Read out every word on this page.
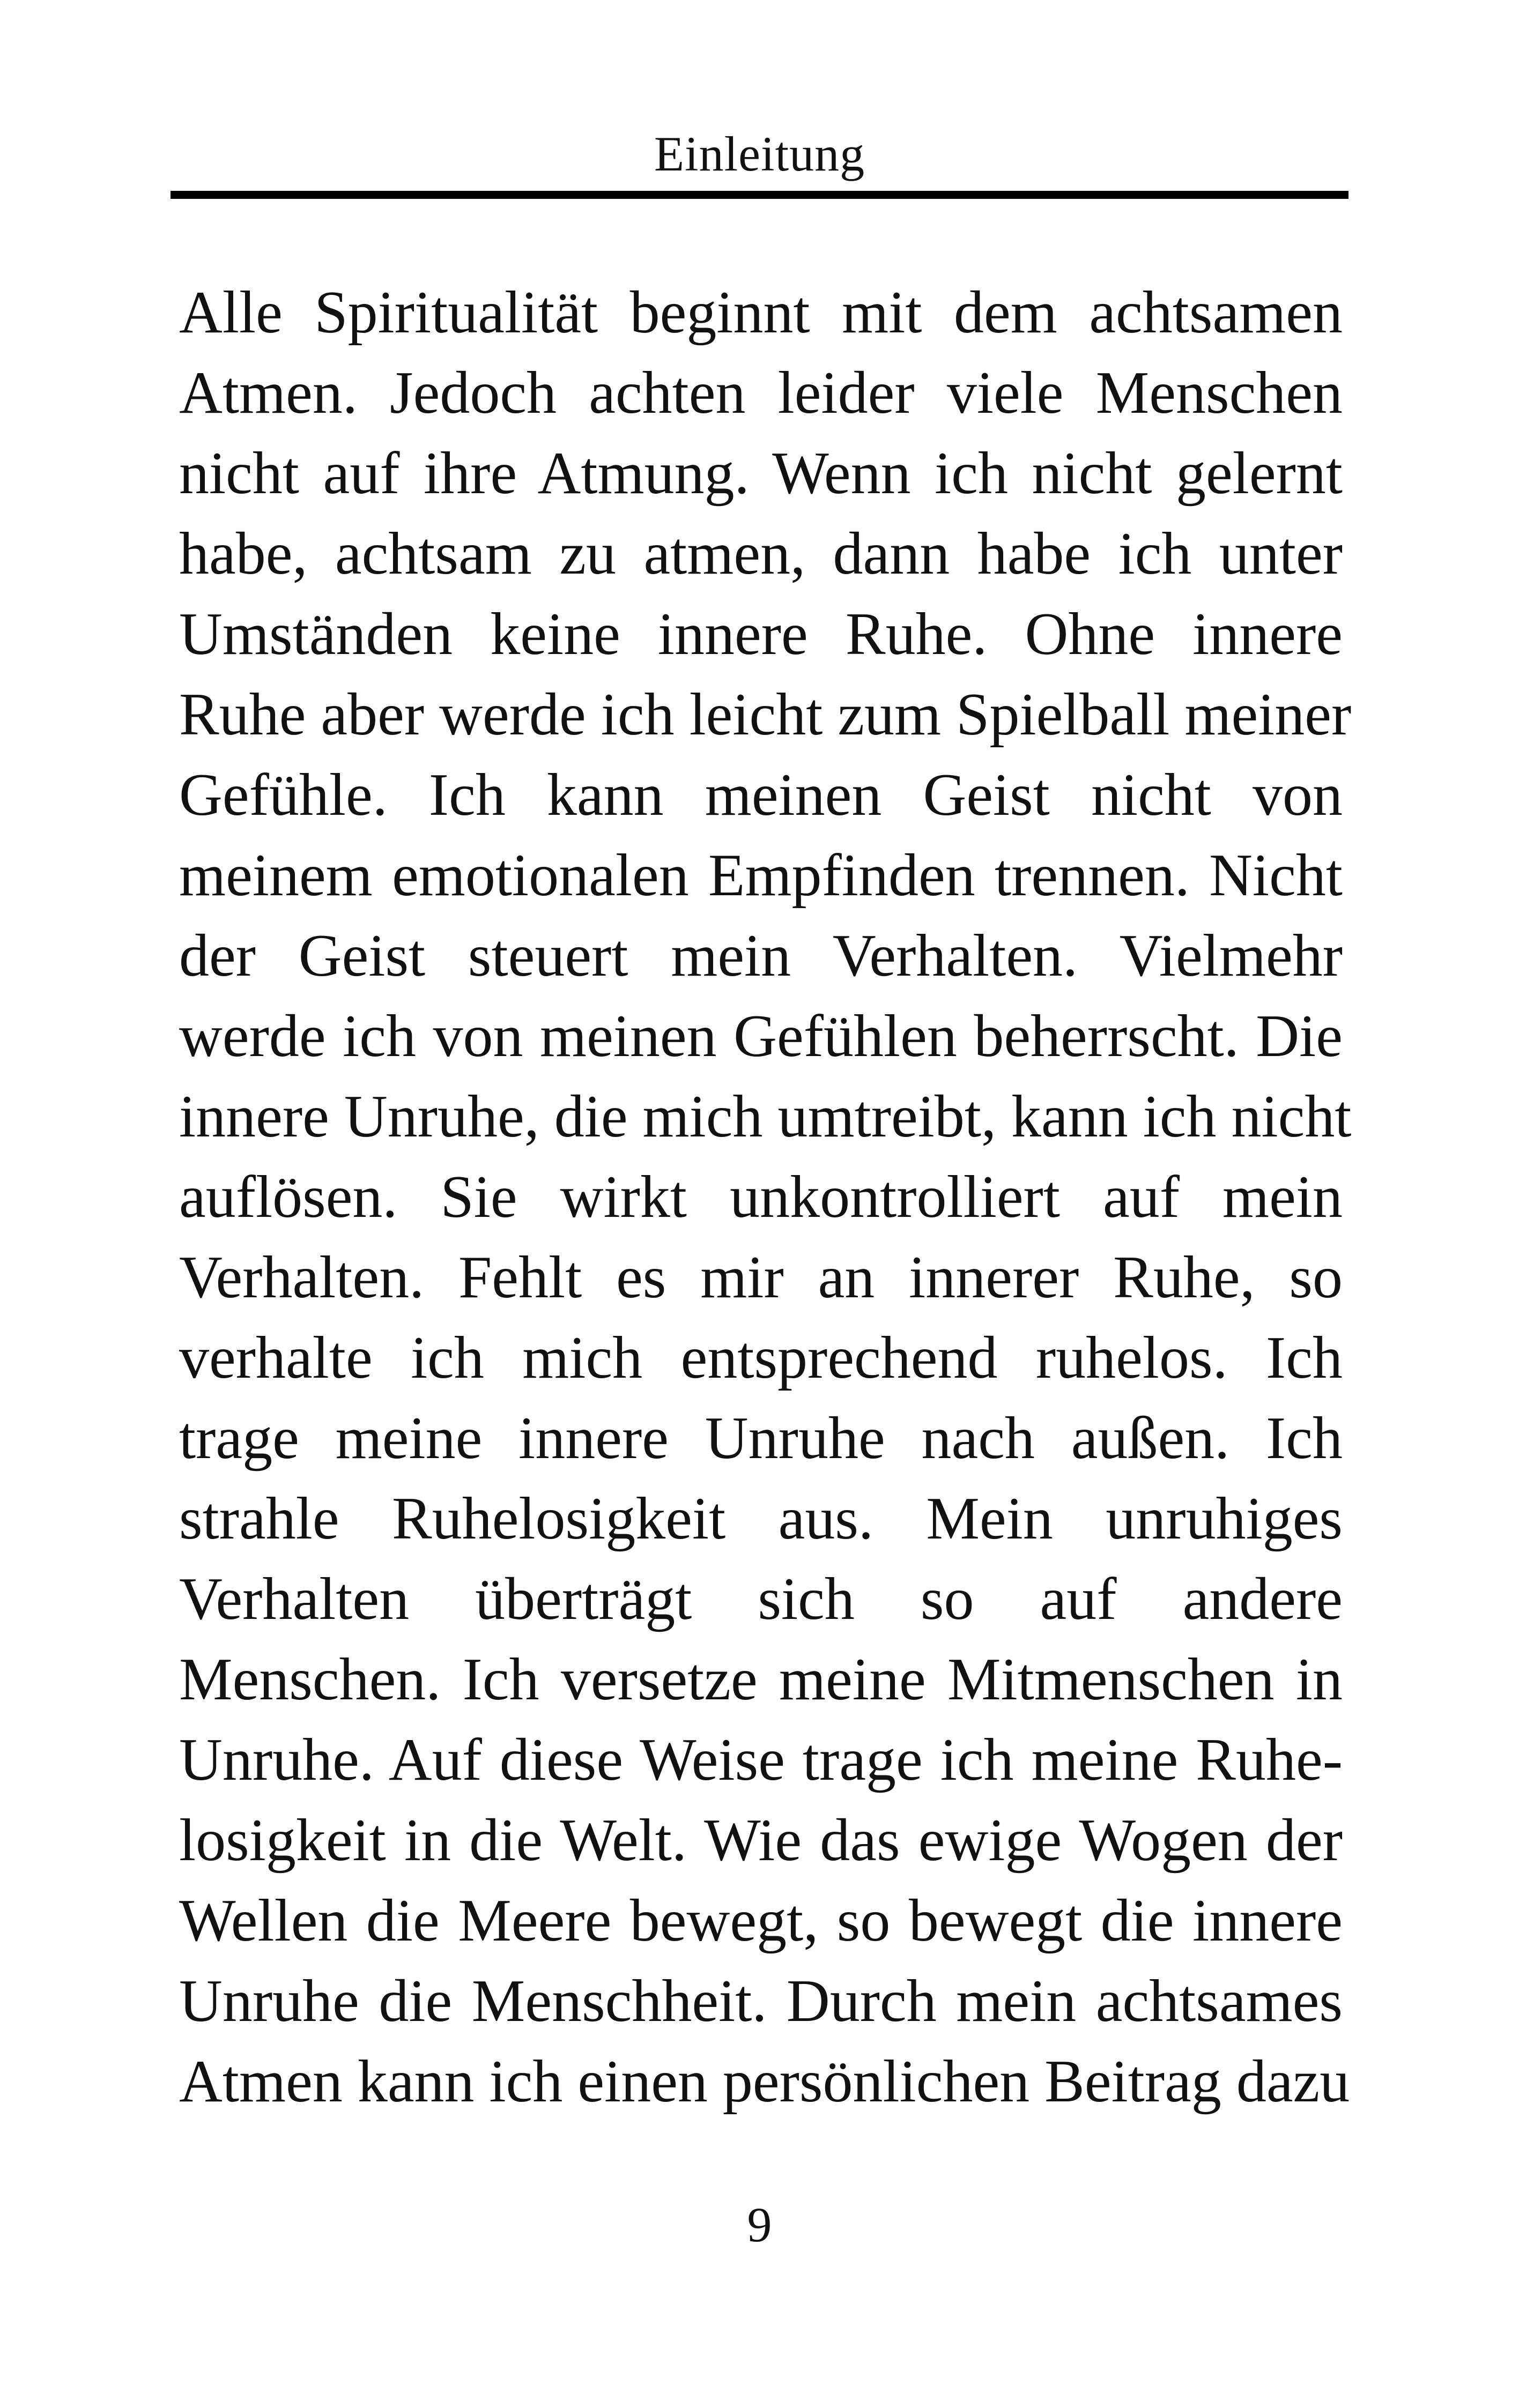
Einleitung
Alle Spiritualität beginnt mit dem achtsamen
Atmen. Jedoch achten leider viele Menschen
nicht auf ihre Atmung. Wenn ich nicht gelernt
habe, achtsam zu atmen, dann habe ich unter
Umständen keine innere Ruhe. Ohne innere
Ruhe aber werde ich leicht zum Spielball meiner
Gefühle. Ich kann meinen Geist nicht von
meinem emotionalen Empfinden trennen. Nicht
der Geist steuert mein Verhalten. Vielmehr
werde ich von meinen Gefühlen beherrscht. Die
innere Unruhe, die mich umtreibt, kann ich nicht
auflösen. Sie wirkt unkontrolliert auf mein
Verhalten. Fehlt es mir an innerer Ruhe, so
verhalte ich mich entsprechend ruhelos. Ich
trage meine innere Unruhe nach außen. Ich
strahle Ruhelosigkeit aus. Mein unruhiges
Verhalten überträgt sich so auf andere
Menschen. Ich versetze meine Mitmenschen in
Unruhe. Auf diese Weise trage ich meine Ruhe-
losigkeit in die Welt. Wie das ewige Wogen der
Wellen die Meere bewegt, so bewegt die innere
Unruhe die Menschheit. Durch mein achtsames
Atmen kann ich einen persönlichen Beitrag dazu
9
